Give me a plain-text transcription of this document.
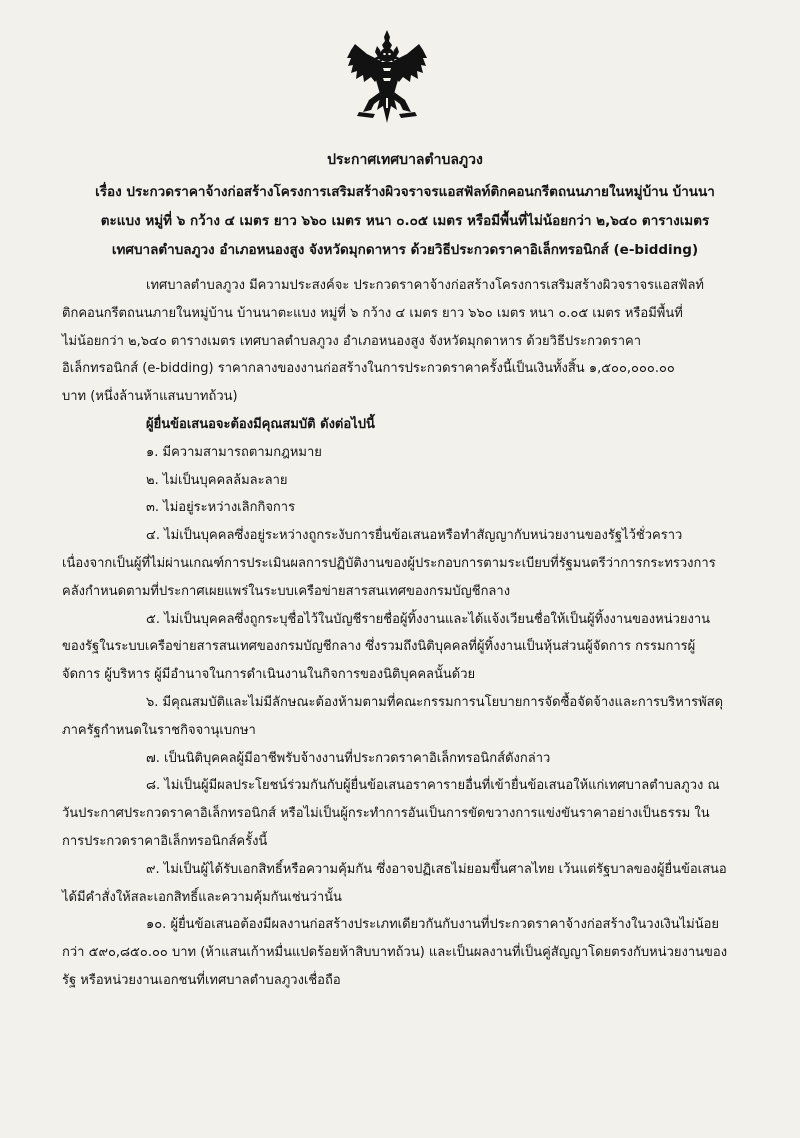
ประกาศเทศบาลตำบลภูวง
เรื่อง ประกวดราคาจ้างก่อสร้างโครงการเสริมสร้างผิวจราจรแอสฟัลท์ติกคอนกรีตถนนภายในหมู่บ้าน บ้านนา
ตะแบง หมู่ที่ ๖ กว้าง ๔ เมตร ยาว ๖๖๐ เมตร หนา ๐.๐๕ เมตร หรือมีพื้นที่ไม่น้อยกว่า ๒,๖๔๐ ตารางเมตร
เทศบาลตำบลภูวง อำเภอหนองสูง จังหวัดมุกดาหาร ด้วยวิธีประกวดราคาอิเล็กทรอนิกส์ (e-bidding)

เทศบาลตำบลภูวง มีความประสงค์จะ ประกวดราคาจ้างก่อสร้างโครงการเสริมสร้างผิวจราจรแอสฟัลท์

ติกคอนกรีตถนนภายในหมู่บ้าน บ้านนาตะแบง หมู่ที่ ๖ กว้าง ๔ เมตร ยาว ๖๖๐ เมตร หนา ๐.๐๕ เมตร หรือมีพื้นที่

ไม่น้อยกว่า ๒,๖๔๐ ตารางเมตร เทศบาลตำบลภูวง อำเภอหนองสูง จังหวัดมุกดาหาร ด้วยวิธีประกวดราคา

อิเล็กทรอนิกส์ (e-bidding) ราคากลางของงานก่อสร้างในการประกวดราคาครั้งนี้เป็นเงินทั้งสิ้น ๑,๕๐๐,๐๐๐.๐๐

บาท (หนึ่งล้านห้าแสนบาทถ้วน)

ผู้ยื่นข้อเสนอจะต้องมีคุณสมบัติ ดังต่อไปนี้

๑. มีความสามารถตามกฎหมาย

๒. ไม่เป็นบุคคลล้มละลาย

๓. ไม่อยู่ระหว่างเลิกกิจการ

๔. ไม่เป็นบุคคลซึ่งอยู่ระหว่างถูกระงับการยื่นข้อเสนอหรือทำสัญญากับหน่วยงานของรัฐไว้ชั่วคราว เนื่องจากเป็นผู้ที่ไม่ผ่านเกณฑ์การประเมินผลการปฏิบัติงานของผู้ประกอบการตามระเบียบที่รัฐมนตรีว่าการกระทรวงการคลังกำหนดตามที่ประกาศเผยแพร่ในระบบเครือข่ายสารสนเทศของกรมบัญชีกลาง

๕. ไม่เป็นบุคคลซึ่งถูกระบุชื่อไว้ในบัญชีรายชื่อผู้ทิ้งงานและได้แจ้งเวียนชื่อให้เป็นผู้ทิ้งงานของหน่วยงานของรัฐในระบบเครือข่ายสารสนเทศของกรมบัญชีกลาง ซึ่งรวมถึงนิติบุคคลที่ผู้ทิ้งงานเป็นหุ้นส่วนผู้จัดการ กรรมการผู้จัดการ ผู้บริหาร ผู้มีอำนาจในการดำเนินงานในกิจการของนิติบุคคลนั้นด้วย

๖. มีคุณสมบัติและไม่มีลักษณะต้องห้ามตามที่คณะกรรมการนโยบายการจัดซื้อจัดจ้างและการบริหารพัสดุภาครัฐกำหนดในราชกิจจานุเบกษา

๗. เป็นนิติบุคคลผู้มีอาชีพรับจ้างงานที่ประกวดราคาอิเล็กทรอนิกส์ดังกล่าว

๘. ไม่เป็นผู้มีผลประโยชน์ร่วมกันกับผู้ยื่นข้อเสนอราคารายอื่นที่เข้ายื่นข้อเสนอให้แก่เทศบาลตำบลภูวง ณ วันประกาศประกวดราคาอิเล็กทรอนิกส์ หรือไม่เป็นผู้กระทำการอันเป็นการขัดขวางการแข่งขันราคาอย่างเป็นธรรม ในการประกวดราคาอิเล็กทรอนิกส์ครั้งนี้

๙. ไม่เป็นผู้ได้รับเอกสิทธิ์หรือความคุ้มกัน ซึ่งอาจปฏิเสธไม่ยอมขึ้นศาลไทย เว้นแต่รัฐบาลของผู้ยื่นข้อเสนอได้มีคำสั่งให้สละเอกสิทธิ์และความคุ้มกันเช่นว่านั้น

๑๐. ผู้ยื่นข้อเสนอต้องมีผลงานก่อสร้างประเภทเดียวกันกับงานที่ประกวดราคาจ้างก่อสร้างในวงเงินไม่น้อยกว่า ๕๙๐,๘๕๐.๐๐ บาท (ห้าแสนเก้าหมื่นแปดร้อยห้าสิบบาทถ้วน) และเป็นผลงานที่เป็นคู่สัญญาโดยตรงกับหน่วยงานของรัฐ หรือหน่วยงานเอกชนที่เทศบาลตำบลภูวงเชื่อถือ
